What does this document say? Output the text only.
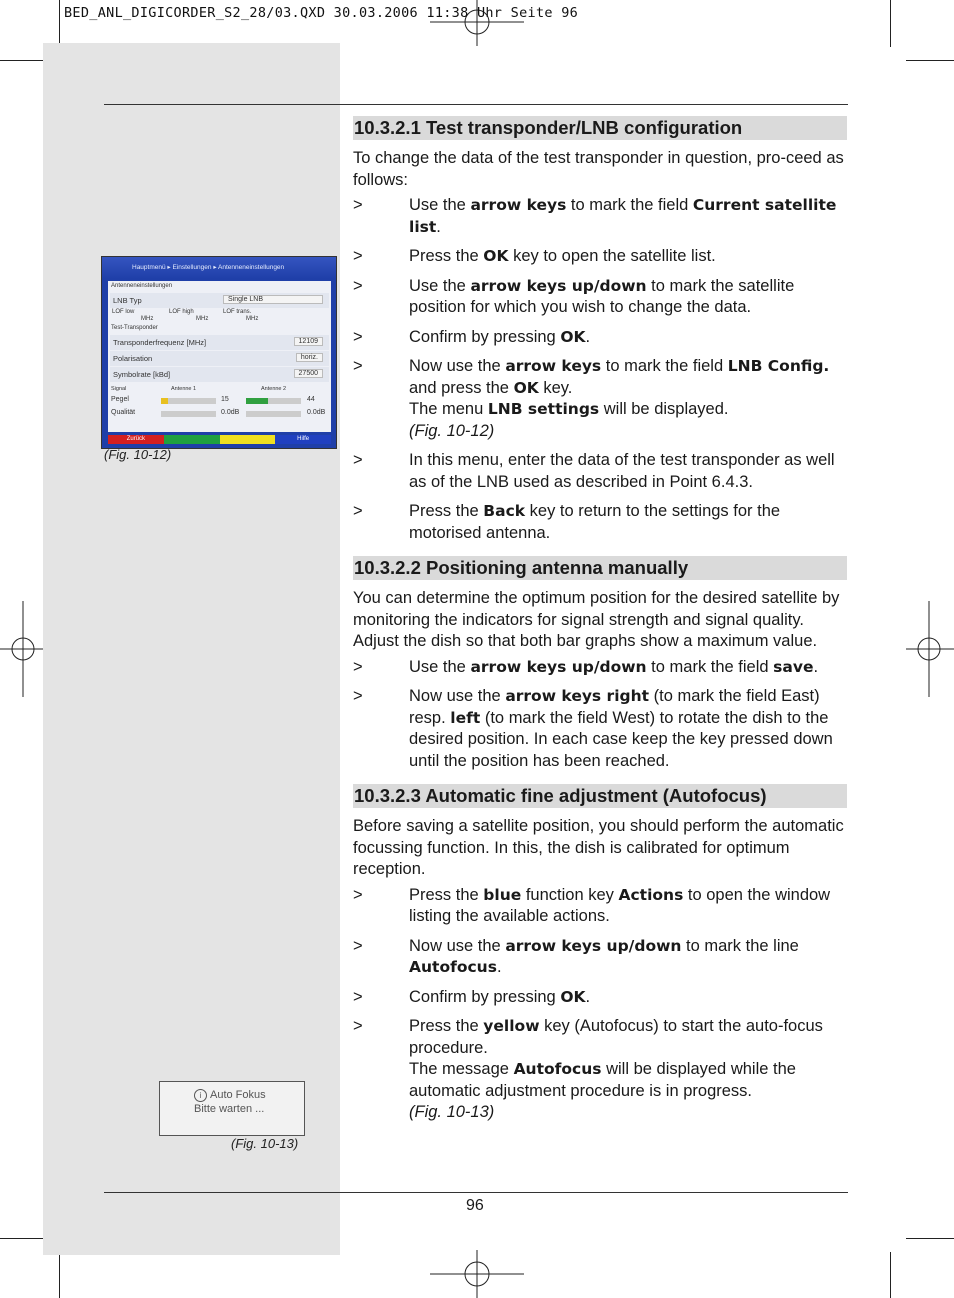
BED_ANL_DIGICORDER_S2_28/03.QXD 30.03.2006 11:38 Uhr Seite 96
Hauptmenü ▸ Einstellungen ▸ Antenneneinstellungen
Antenneneinstellungen
LNB Typ	Single LNB
LOF low	LOF high	LOF trans.
MHz	MHz	MHz
Test-Transponder
Transponderfrequenz [MHz]	12109
Polarisation	horiz.
Symbolrate [kBd]	27500
Signal	Antenne 1	Antenne 2
Pegel	15	44
Qualität	0.0dB	0.0dB
Zurück	Hilfe
(Fig. 10-12)
i Auto Fokus
Bitte warten ...
(Fig. 10-13)
10.3.2.1 Test transponder/LNB configuration
To change the data of the test transponder in question, pro-ceed as follows:
>	Use the arrow keys to mark the field Current satellite list.
>	Press the OK key to open the satellite list.
>	Use the arrow keys up/down to mark the satellite position for which you wish to change the data.
>	Confirm by pressing OK.
>	Now use the arrow keys to mark the field LNB Config. and press the OK key.
The menu LNB settings will be displayed.
(Fig. 10-12)
>	In this menu, enter the data of the test transponder as well as of the LNB used as described in Point 6.4.3.
>	Press the Back key to return to the settings for the motorised antenna.
10.3.2.2 Positioning antenna manually
You can determine the optimum position for the desired satellite by monitoring the indicators for signal strength and signal quality. Adjust the dish so that both bar graphs show a maximum value.
>	Use the arrow keys up/down to mark the field save.
>	Now use the arrow keys right (to mark the field East) resp. left (to mark the field West) to rotate the dish to the desired position. In each case keep the key pressed down until the position has been reached.
10.3.2.3 Automatic fine adjustment (Autofocus)
Before saving a satellite position, you should perform the automatic focussing function. In this, the dish is calibrated for optimum reception.
>	Press the blue function key Actions to open the window listing the available actions.
>	Now use the arrow keys up/down to mark the line Autofocus.
>	Confirm by pressing OK.
>	Press the yellow key (Autofocus) to start the auto-focus procedure.
The message Autofocus will be displayed while the automatic adjustment procedure is in progress.
(Fig. 10-13)
96
